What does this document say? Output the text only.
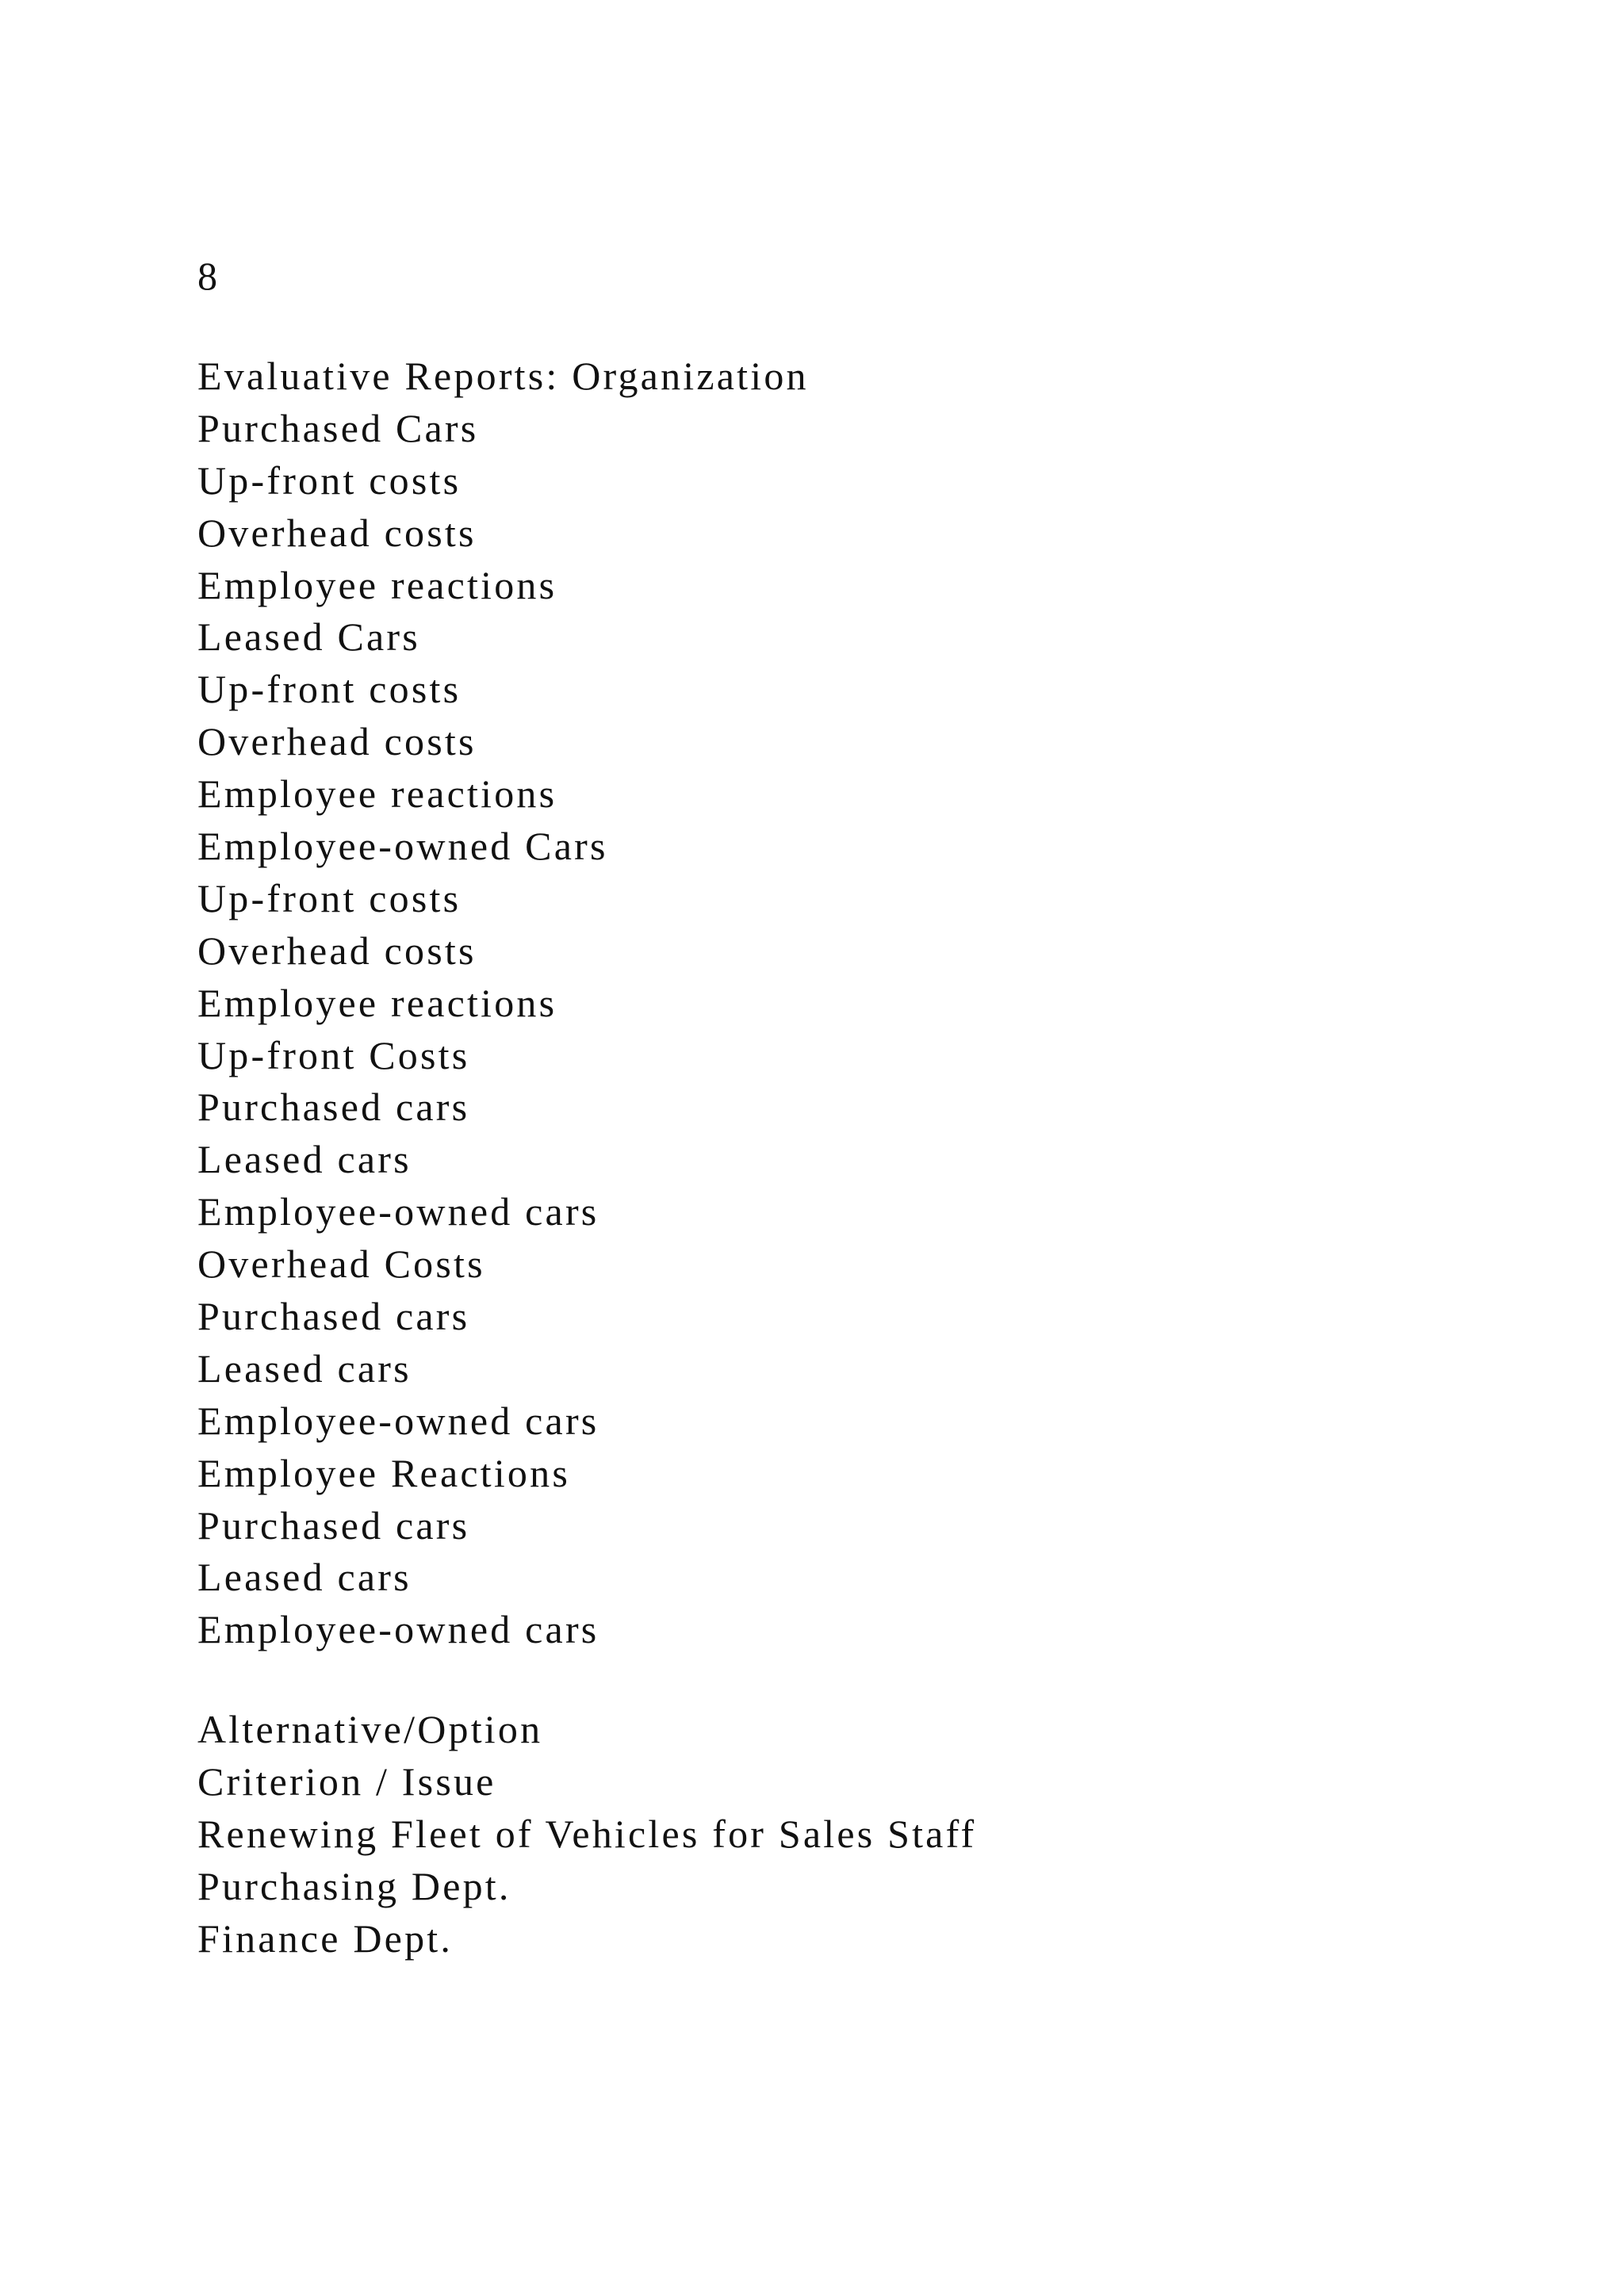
8

Evaluative Reports: Organization
Purchased Cars
Up-front costs
Overhead costs
Employee reactions
Leased Cars
Up-front costs
Overhead costs
Employee reactions
Employee-owned Cars
Up-front costs
Overhead costs
Employee reactions
Up-front Costs
Purchased cars
Leased cars
Employee-owned cars
Overhead Costs
Purchased cars
Leased cars
Employee-owned cars
Employee Reactions
Purchased cars
Leased cars
Employee-owned cars
Alternative/Option
Criterion / Issue
Renewing Fleet of Vehicles for Sales Staff
Purchasing Dept.
Finance Dept.
